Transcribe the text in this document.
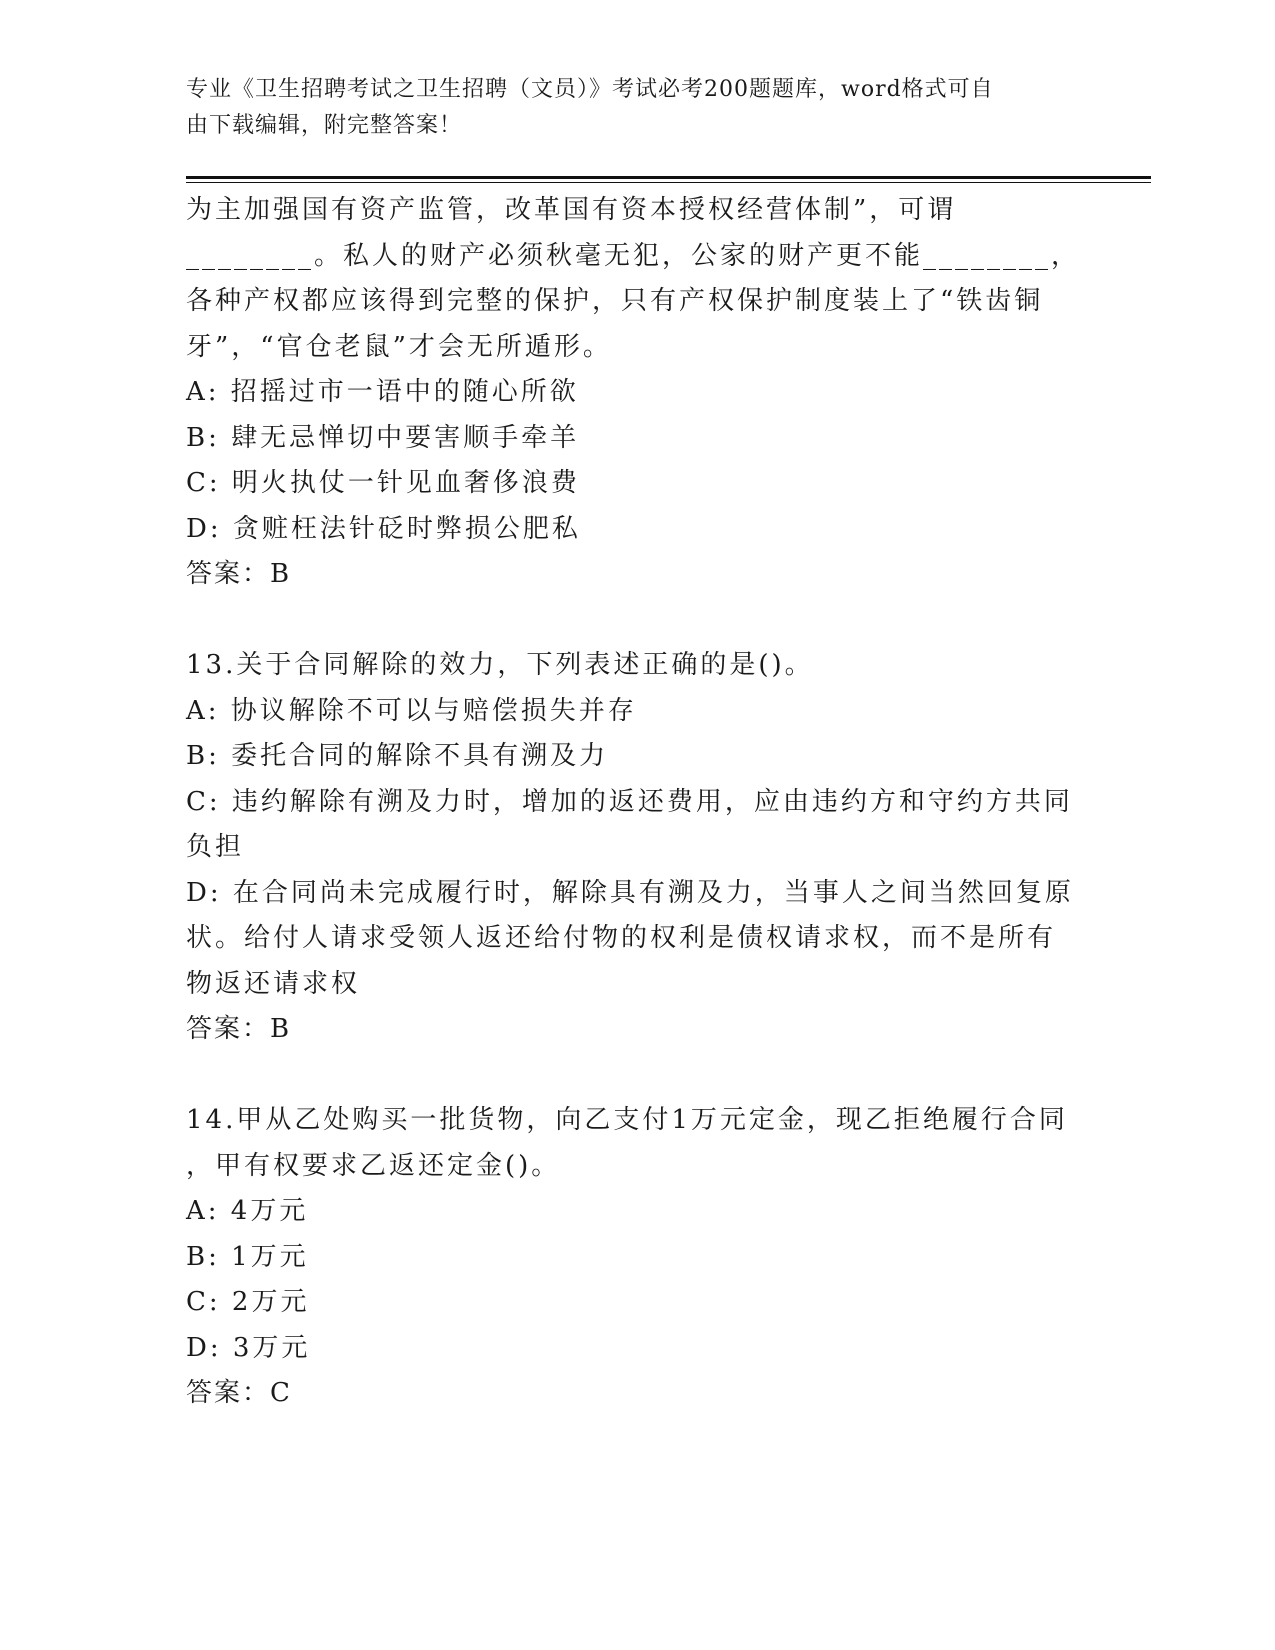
专业《卫生招聘考试之卫生招聘（文员）》考试必考200题题库，word格式可自
由下载编辑，附完整答案！
为主加强国有资产监管，改革国有资本授权经营体制”，可谓
________。私人的财产必须秋毫无犯，公家的财产更不能________，
各种产权都应该得到完整的保护，只有产权保护制度装上了“铁齿铜
牙”，“官仓老鼠”才会无所遁形。
A: 招摇过市一语中的随心所欲
B: 肆无忌惮切中要害顺手牵羊
C: 明火执仗一针见血奢侈浪费
D: 贪赃枉法针砭时弊损公肥私
答案：B
13.关于合同解除的效力，下列表述正确的是()。
A: 协议解除不可以与赔偿损失并存
B: 委托合同的解除不具有溯及力
C: 违约解除有溯及力时，增加的返还费用，应由违约方和守约方共同
负担
D: 在合同尚未完成履行时，解除具有溯及力，当事人之间当然回复原
状。给付人请求受领人返还给付物的权利是债权请求权，而不是所有
物返还请求权
答案：B
14.甲从乙处购买一批货物，向乙支付1万元定金，现乙拒绝履行合同
，甲有权要求乙返还定金()。
A: 4万元
B: 1万元
C: 2万元
D: 3万元
答案：C
